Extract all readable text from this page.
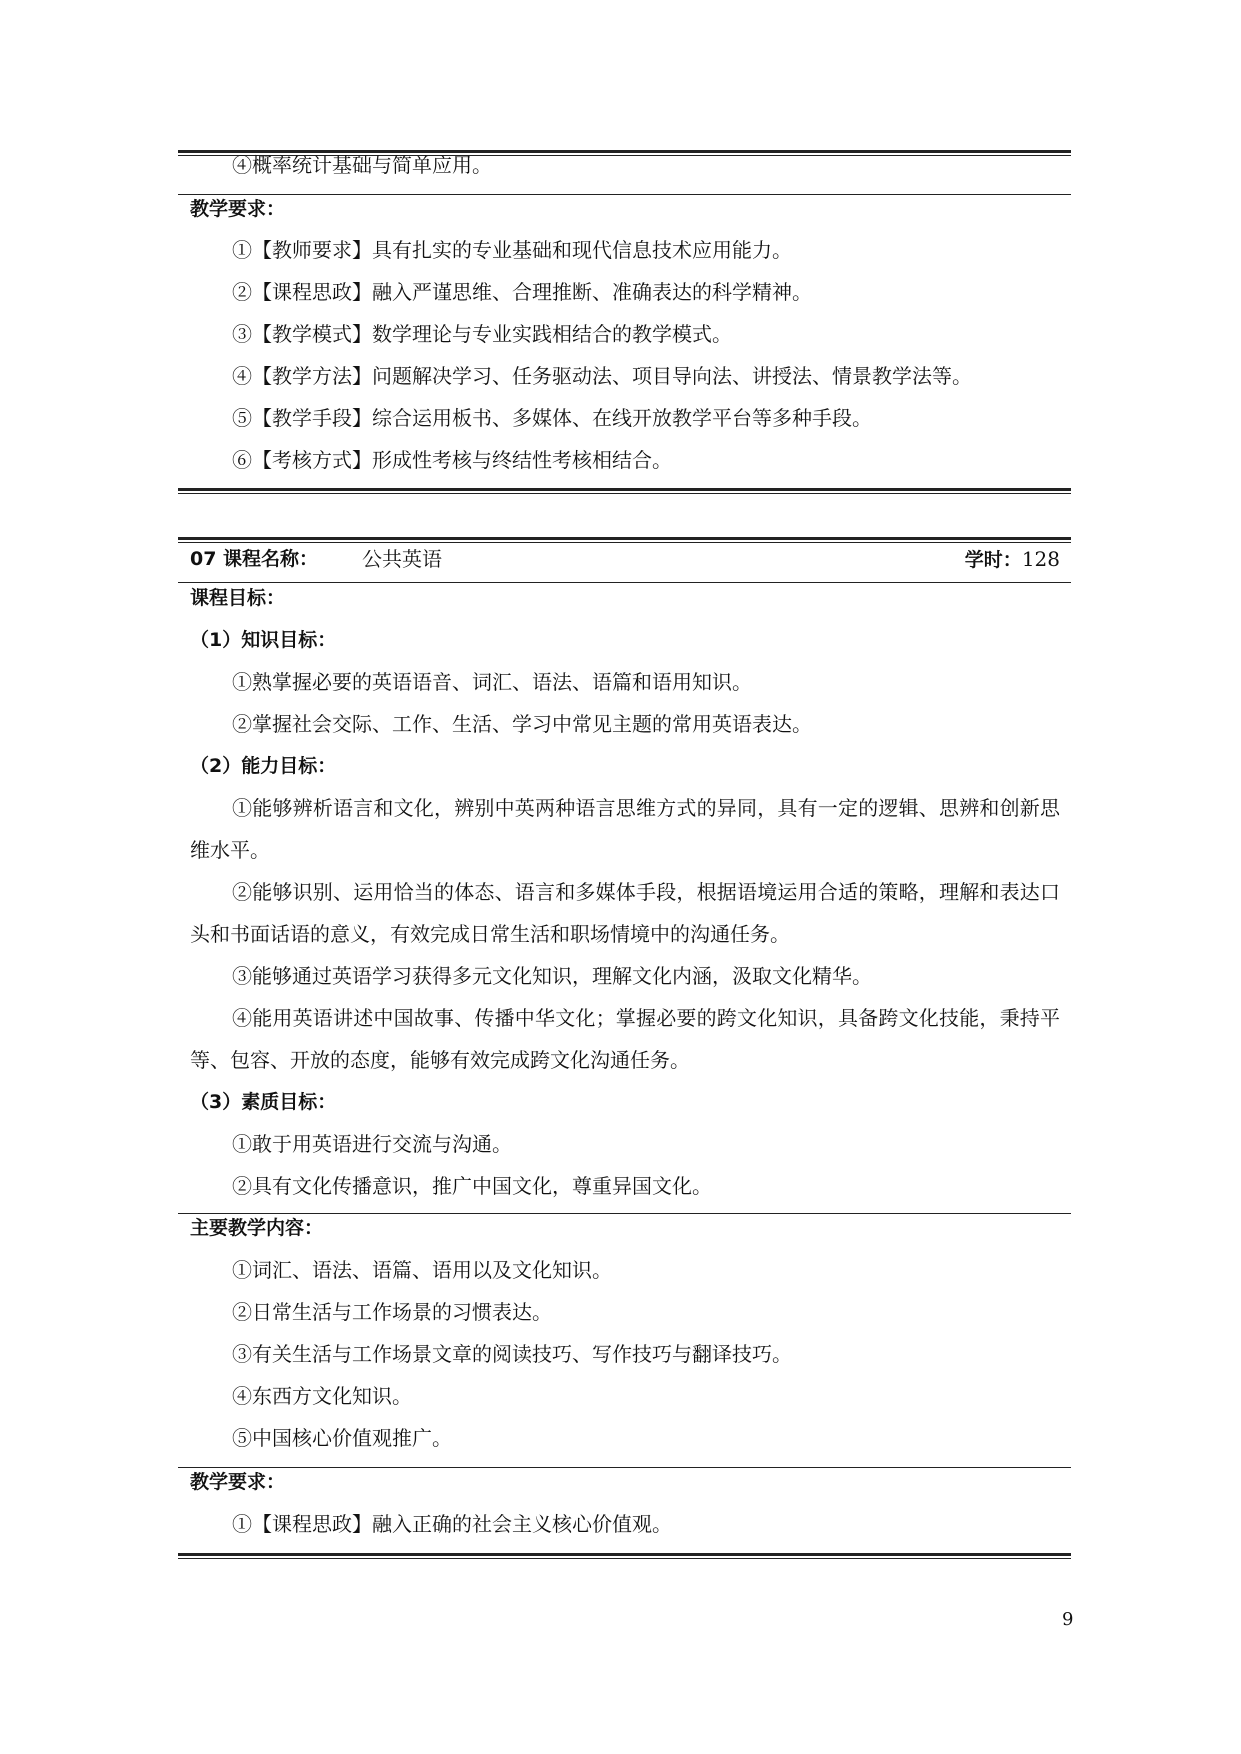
④概率统计基础与简单应用。
教学要求：
①【教师要求】具有扎实的专业基础和现代信息技术应用能力。
②【课程思政】融入严谨思维、合理推断、准确表达的科学精神。
③【教学模式】数学理论与专业实践相结合的教学模式。
④【教学方法】问题解决学习、任务驱动法、项目导向法、讲授法、情景教学法等。
⑤【教学手段】综合运用板书、多媒体、在线开放教学平台等多种手段。
⑥【考核方式】形成性考核与终结性考核相结合。
07 课程名称： 公共英语	学时：128
课程目标：
（1）知识目标：
①熟掌握必要的英语语音、词汇、语法、语篇和语用知识。
②掌握社会交际、工作、生活、学习中常见主题的常用英语表达。
（2）能力目标：
①能够辨析语言和文化，辨别中英两种语言思维方式的异同，具有一定的逻辑、思辨和创新思维水平。
②能够识别、运用恰当的体态、语言和多媒体手段，根据语境运用合适的策略，理解和表达口头和书面话语的意义，有效完成日常生活和职场情境中的沟通任务。
③能够通过英语学习获得多元文化知识，理解文化内涵，汲取文化精华。
④能用英语讲述中国故事、传播中华文化；掌握必要的跨文化知识，具备跨文化技能，秉持平等、包容、开放的态度，能够有效完成跨文化沟通任务。
（3）素质目标：
①敢于用英语进行交流与沟通。
②具有文化传播意识，推广中国文化，尊重异国文化。
主要教学内容：
①词汇、语法、语篇、语用以及文化知识。
②日常生活与工作场景的习惯表达。
③有关生活与工作场景文章的阅读技巧、写作技巧与翻译技巧。
④东西方文化知识。
⑤中国核心价值观推广。
教学要求：
①【课程思政】融入正确的社会主义核心价值观。
9
